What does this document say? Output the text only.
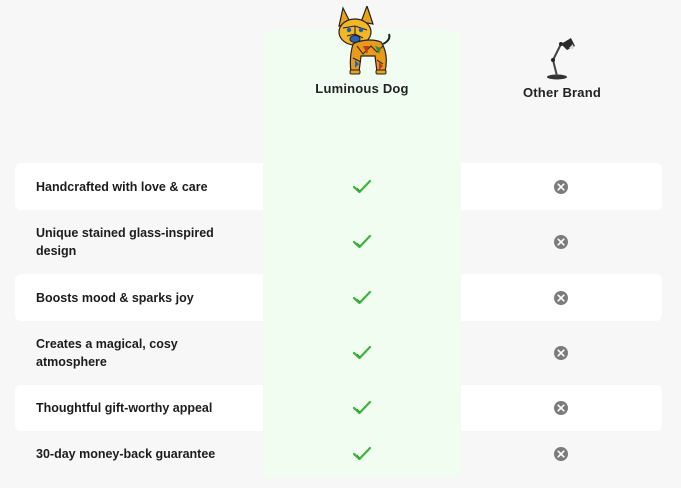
Luminous Dog	Other Brand
Handcrafted with love & care
Unique stained glass-inspired design
Boosts mood & sparks joy
Creates a magical, cosy atmosphere
Thoughtful gift-worthy appeal
30-day money-back guarantee
